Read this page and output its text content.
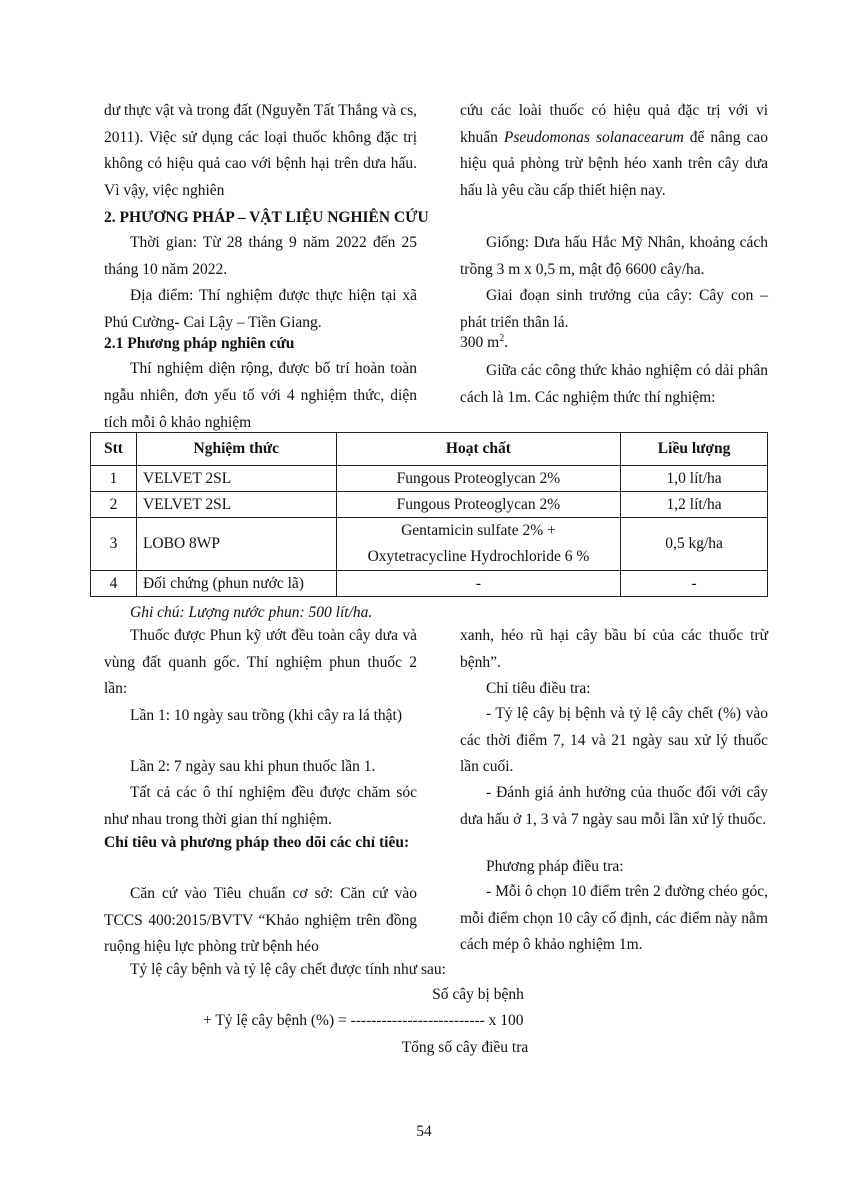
dư thực vật và trong đất (Nguyễn Tất Thắng và cs, 2011). Việc sử dụng các loại thuốc không đặc trị không có hiệu quả cao với bệnh hại trên dưa hấu. Vì vậy, việc nghiên

cứu các loài thuốc có hiệu quả đặc trị với vi khuẩn Pseudomonas solanacearum để nâng cao hiệu quả phòng trừ bệnh héo xanh trên cây dưa hấu là yêu cầu cấp thiết hiện nay.

2. PHƯƠNG PHÁP – VẬT LIỆU NGHIÊN CỨU

Thời gian: Từ 28 tháng 9 năm 2022 đến 25 tháng 10 năm 2022.

Địa điểm: Thí nghiệm được thực hiện tại xã Phú Cường- Cai Lậy – Tiền Giang.

2.1 Phương pháp nghiên cứu

Thí nghiệm diện rộng, được bố trí hoàn toàn ngẫu nhiên, đơn yếu tố với 4 nghiệm thức, diện tích mỗi ô khảo nghiệm

Giống: Dưa hấu Hắc Mỹ Nhân, khoảng cách trồng 3 m x 0,5 m, mật độ 6600 cây/ha.

Giai đoạn sinh trưởng của cây: Cây con – phát triển thân lá.

300 $m^2$.

Giữa các công thức khảo nghiệm có dải phân cách là 1m. Các nghiệm thức thí nghiệm:

Stt	Nghiệm thức	Hoạt chất	Liều lượng
1	VELVET 2SL	Fungous Proteoglycan 2%	1,0 lít/ha
2	VELVET 2SL	Fungous Proteoglycan 2%	1,2 lít/ha
3	LOBO 8WP	Gentamicin sulfate 2% +
Oxytetracycline Hydrochloride 6 %	0,5 kg/ha
4	Đối chứng (phun nước lã)	-	-

Ghi chú: Lượng nước phun: 500 lít/ha.

Thuốc được Phun kỹ ướt đều toàn cây dưa và vùng đất quanh gốc. Thí nghiệm phun thuốc 2 lần:

Lần 1: 10 ngày sau trồng (khi cây ra lá thật)

Lần 2: 7 ngày sau khi phun thuốc lần 1.

Tất cả các ô thí nghiệm đều được chăm sóc như nhau trong thời gian thí nghiệm.

Chỉ tiêu và phương pháp theo dõi các chỉ tiêu:

Căn cứ vào Tiêu chuẩn cơ sở: Căn cứ vào TCCS 400:2015/BVTV “Khảo nghiệm trên đồng ruộng hiệu lực phòng trừ bệnh héo

xanh, héo rũ hại cây bầu bí của các thuốc trừ bệnh”.

Chỉ tiêu điều tra:

- Tỷ lệ cây bị bệnh và tỷ lệ cây chết (%) vào các thời điểm 7, 14 và 21 ngày sau xử lý thuốc lần cuối.

- Đánh giá ảnh hưởng của thuốc đối với cây dưa hấu ở 1, 3 và 7 ngày sau mỗi lần xử lý thuốc.

Phương pháp điều tra:

- Mỗi ô chọn 10 điểm trên 2 đường chéo góc, mỗi điểm chọn 10 cây cố định, các điểm này nằm cách mép ô khảo nghiệm 1m.

Tỷ lệ cây bệnh và tỷ lệ cây chết được tính như sau:

Số cây bị bệnh

+ Tỷ lệ cây bệnh (%) = -------------------------- x 100

Tổng số cây điều tra

54
